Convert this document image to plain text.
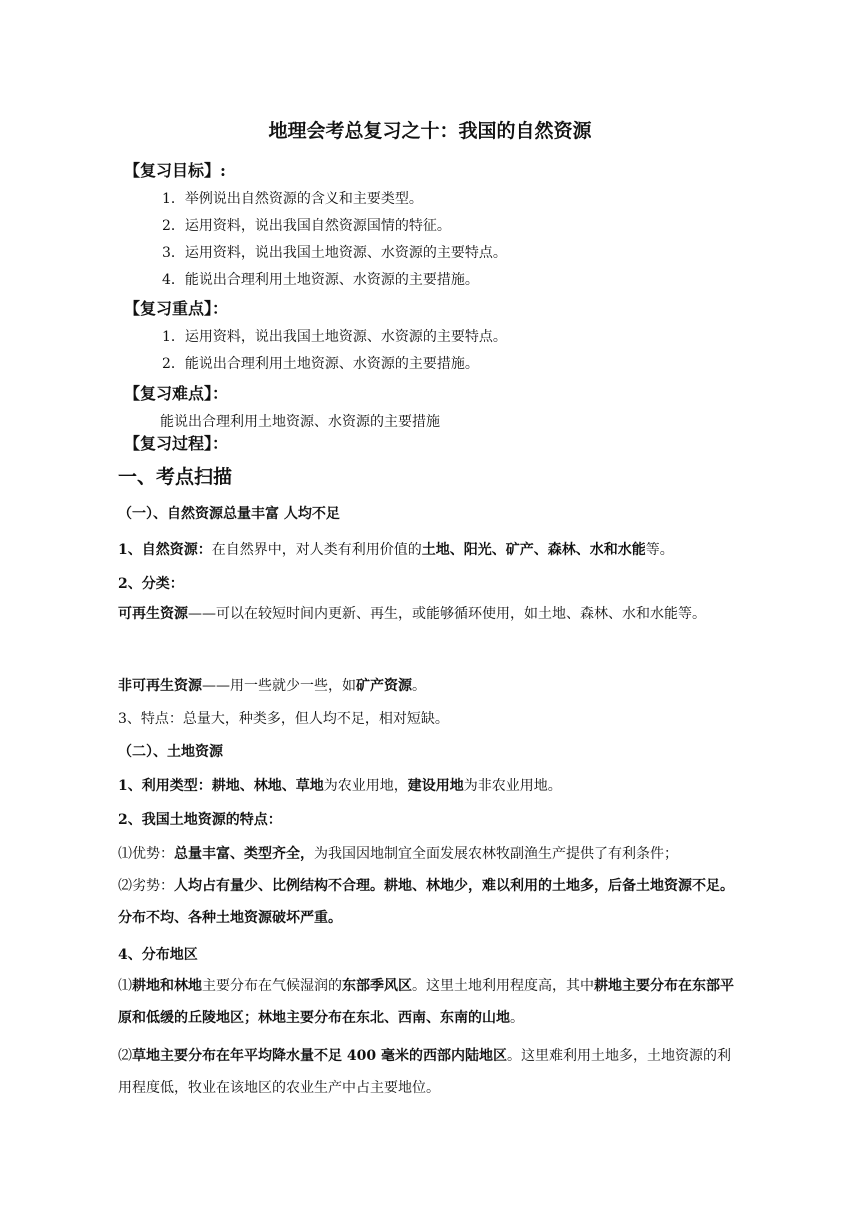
地理会考总复习之十：我国的自然资源
【复习目标】:
1．举例说出自然资源的含义和主要类型。
2．运用资料，说出我国自然资源国情的特征。
3．运用资料，说出我国土地资源、水资源的主要特点。
4．能说出合理利用土地资源、水资源的主要措施。
【复习重点】：
1．运用资料，说出我国土地资源、水资源的主要特点。
2．能说出合理利用土地资源、水资源的主要措施。
【复习难点】：
能说出合理利用土地资源、水资源的主要措施
【复习过程】：
一、考点扫描
（一）、自然资源总量丰富 人均不足
1、自然资源：在自然界中，对人类有利用价值的土地、阳光、矿产、森林、水和水能等。
2、分类：
可再生资源——可以在较短时间内更新、再生，或能够循环使用，如土地、森林、水和水能等。
非可再生资源——用一些就少一些，如矿产资源。
3、特点：总量大，种类多，但人均不足，相对短缺。
（二）、土地资源
1、利用类型：耕地、林地、草地为农业用地，建设用地为非农业用地。
2、我国土地资源的特点：
⑴优势：总量丰富、类型齐全，为我国因地制宜全面发展农林牧副渔生产提供了有利条件；
⑵劣势：人均占有量少、比例结构不合理。耕地、林地少，难以利用的土地多，后备土地资源不足。　分布不均、各种土地资源破坏严重。
4、分布地区
⑴耕地和林地主要分布在气候湿润的东部季风区。这里土地利用程度高，其中耕地主要分布在东部平原和低缓的丘陵地区；林地主要分布在东北、西南、东南的山地。
⑵草地主要分布在年平均降水量不足 400 毫米的西部内陆地区。这里难利用土地多，土地资源的利用程度低，牧业在该地区的农业生产中占主要地位。
